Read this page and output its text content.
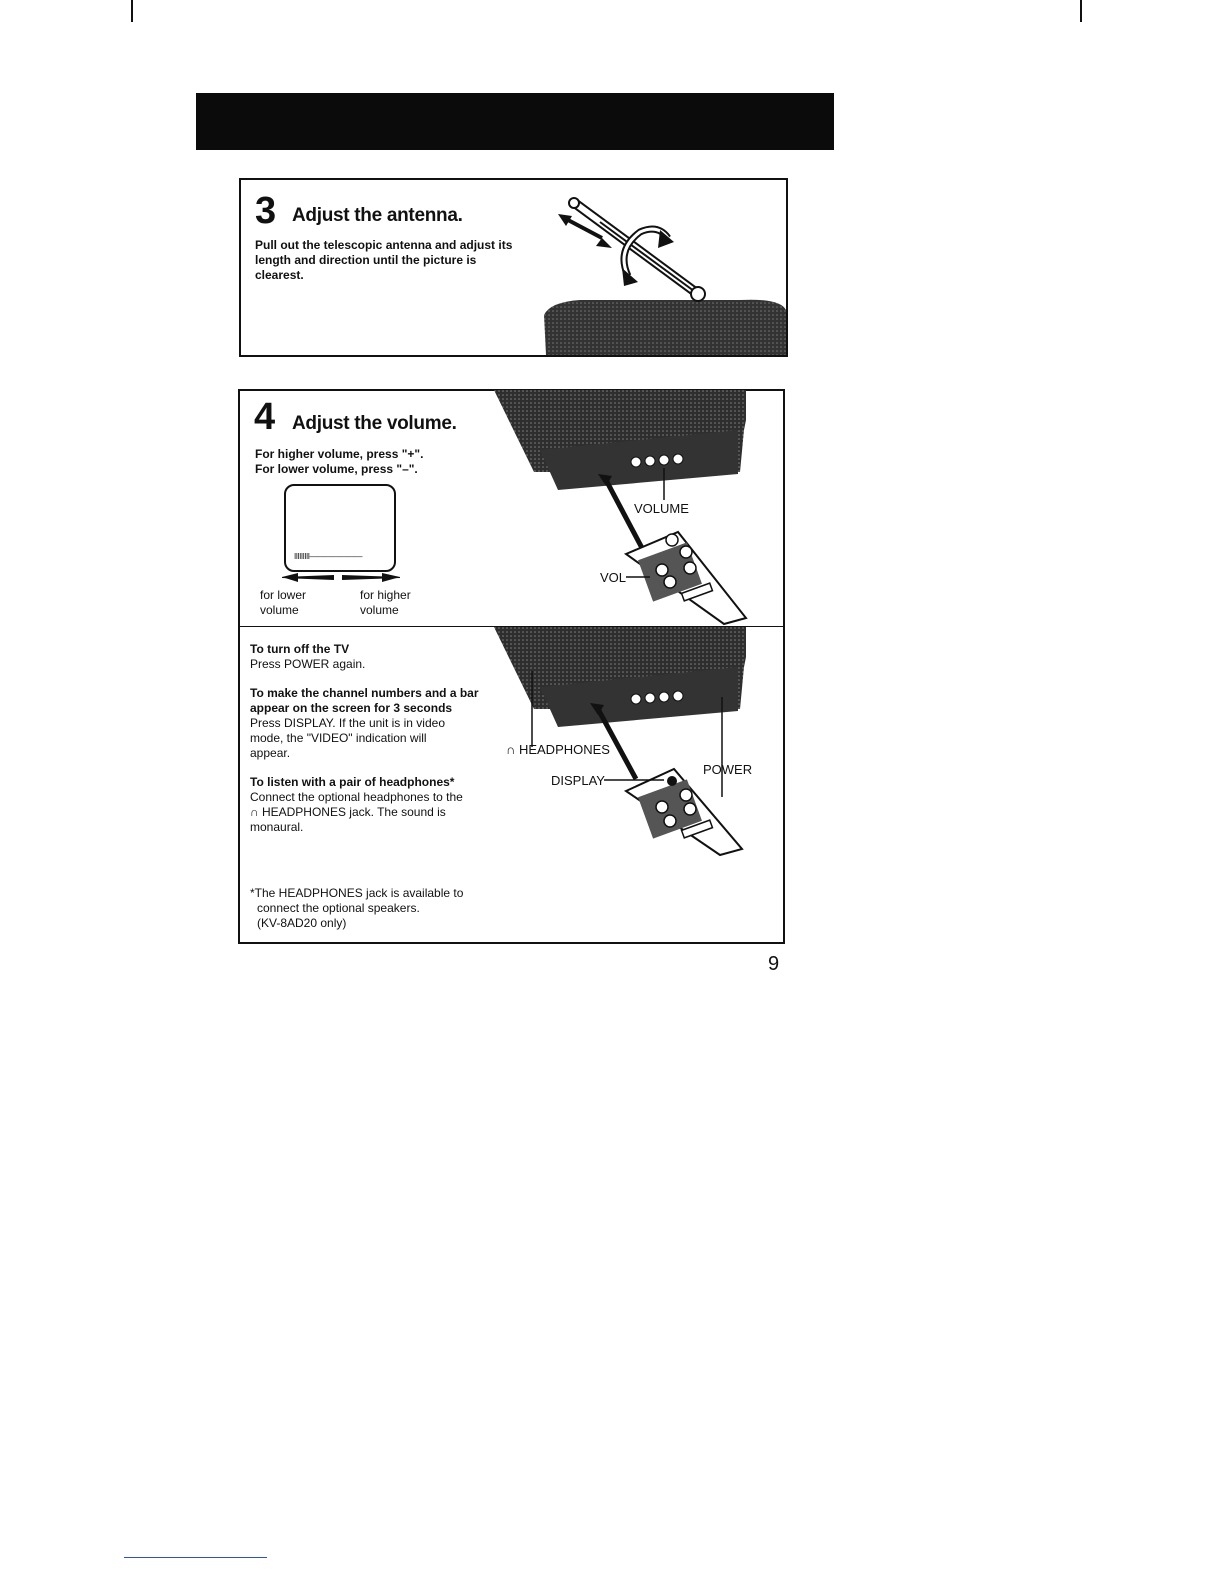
3 Adjust the antenna.
Pull out the telescopic antenna and adjust its
length and direction until the picture is
clearest.
4 Adjust the volume.
For higher volume, press "+".
For lower volume, press "–".
IIIIIIIII———————
for lower
volume
for higher
volume
VOLUME
VOL
To turn off the TV
Press POWER again.
To make the channel numbers and a bar
appear on the screen for 3 seconds
Press DISPLAY. If the unit is in video
mode, the "VIDEO" indication will
appear.
To listen with a pair of headphones*
Connect the optional headphones to the
∩ HEADPHONES jack. The sound is
monaural.
*The HEADPHONES jack is available to
connect the optional speakers.
(KV-8AD20 only)
∩ HEADPHONES
DISPLAY
POWER
9
